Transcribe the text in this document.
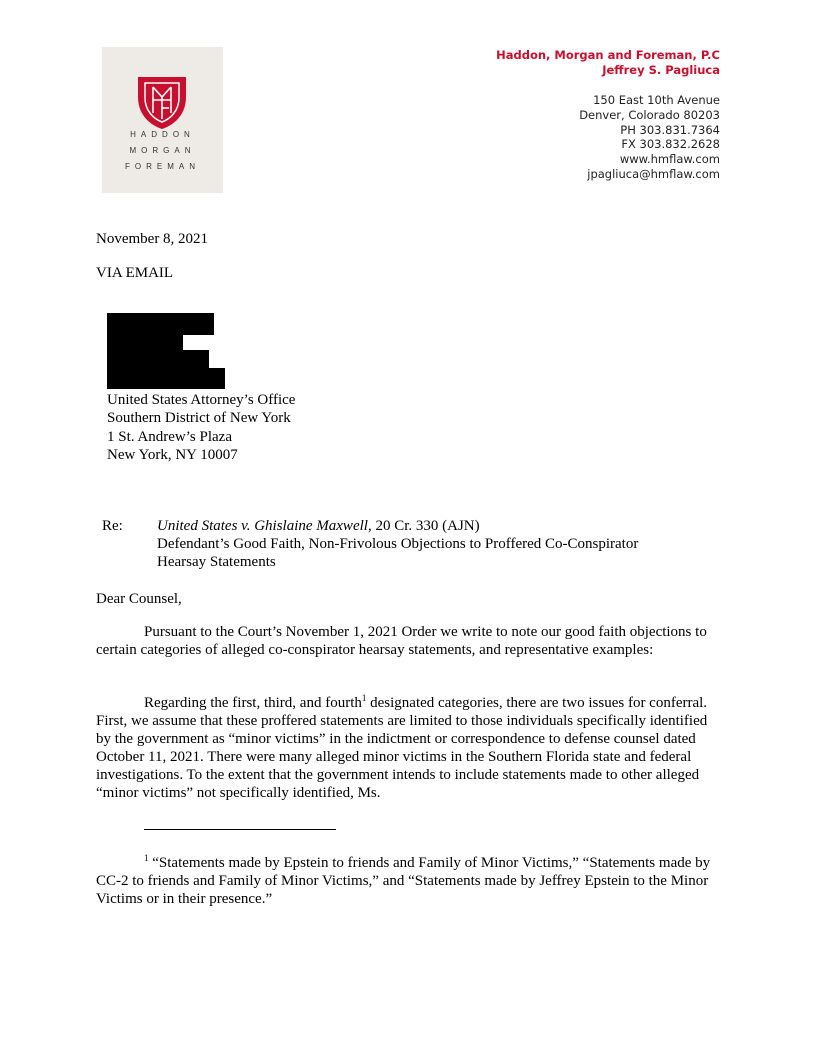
HADDON
MORGAN
FOREMAN
Haddon, Morgan and Foreman, P.C
Jeffrey S. Pagliuca
150 East 10th Avenue
Denver, Colorado 80203
PH 303.831.7364
FX 303.832.2628
www.hmflaw.com
jpagliuca@hmflaw.com
November 8, 2021
VIA EMAIL
United States Attorney’s Office
Southern District of New York
1 St. Andrew’s Plaza
New York, NY 10007
Re: United States v. Ghislaine Maxwell, 20 Cr. 330 (AJN)
Defendant’s Good Faith, Non-Frivolous Objections to Proffered Co-Conspirator
Hearsay Statements
Dear Counsel,

Pursuant to the Court’s November 1, 2021 Order we write to note our good faith objections to certain categories of alleged co-conspirator hearsay statements, and representative examples:

Regarding the first, third, and fourth$^1$ designated categories, there are two issues for conferral. First, we assume that these proffered statements are limited to those individuals specifically identified by the government as “minor victims” in the indictment or correspondence to defense counsel dated October 11, 2021. There were many alleged minor victims in the Southern Florida state and federal investigations. To the extent that the government intends to include statements made to other alleged “minor victims” not specifically identified, Ms.

$^1$ “Statements made by Epstein to friends and Family of Minor Victims,” “Statements made by CC-2 to friends and Family of Minor Victims,” and “Statements made by Jeffrey Epstein to the Minor Victims or in their presence.”
